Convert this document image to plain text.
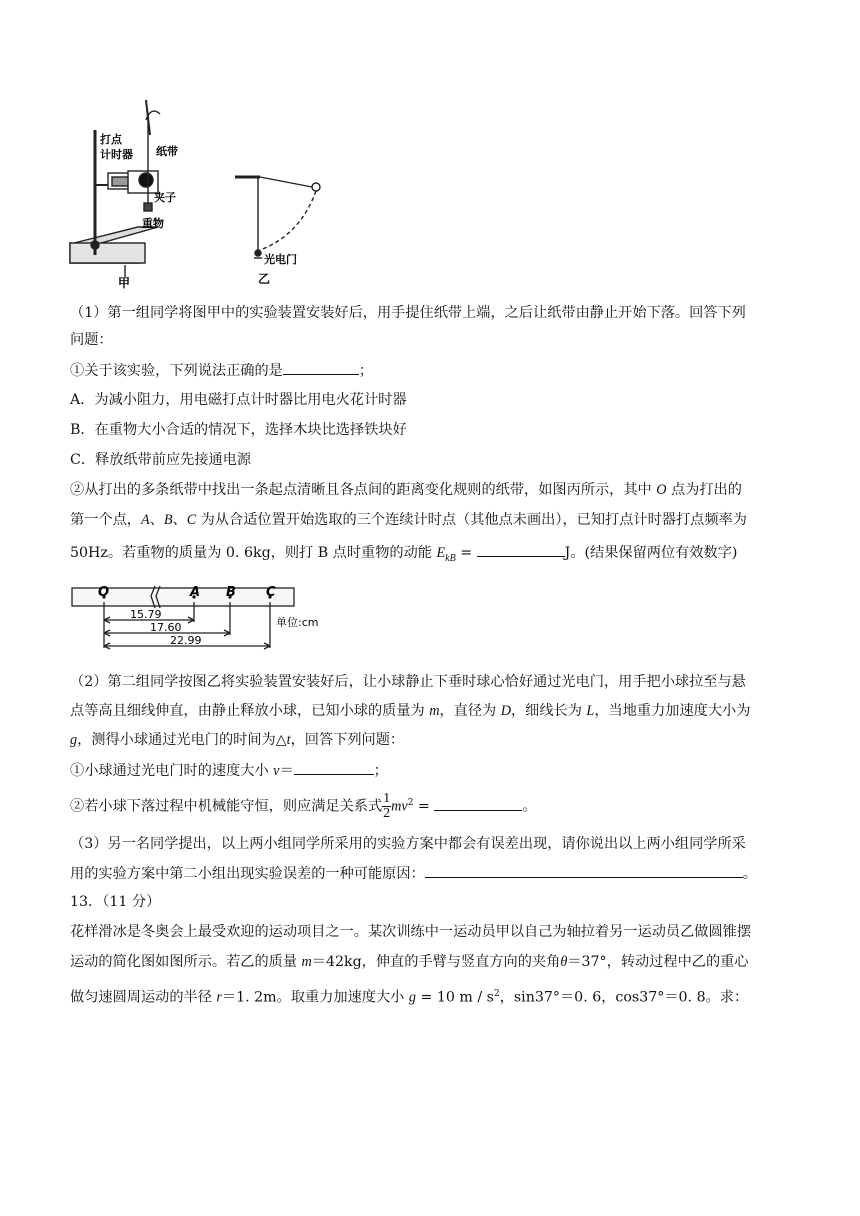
打点
计时器 纸带
夹子
重物
甲
光电门
乙
（1）第一组同学将图甲中的实验装置安装好后，用手提住纸带上端，之后让纸带由静止开始下落。回答下列
问题：
①关于该实验，下列说法正确的是	；
A．为减小阻力，用电磁打点计时器比用电火花计时器
B．在重物大小合适的情况下，选择木块比选择铁块好
C．释放纸带前应先接通电源
②从打出的多条纸带中找出一条起点清晰且各点间的距离变化规则的纸带，如图丙所示，其中 O 点为打出的
第一个点，A、B、C 为从合适位置开始选取的三个连续计时点（其他点未画出），已知打点计时器打点频率为
50Hz。若重物的质量为 0. 6kg，则打 B 点时重物的动能 $E_{kB}$ =	J。(结果保留两位有效数字)
O	A B C
15.79
17.60
22.99
单位:cm
（2）第二组同学按图乙将实验装置安装好后，让小球静止下垂时球心恰好通过光电门，用手把小球拉至与悬
点等高且细线伸直，由静止释放小球，已知小球的质量为 m，直径为 D，细线长为 L，当地重力加速度大小为
g，测得小球通过光电门的时间为△t，回答下列问题：
①小球通过光电门时的速度大小 v＝	；
②若小球下落过程中机械能守恒，则应满足关系式 $\frac{1}{2} mv^2$ =	。
（3）另一名同学提出，以上两小组同学所采用的实验方案中都会有误差出现，请你说出以上两小组同学所采
用的实验方案中第二小组出现实验误差的一种可能原因：	。
13．（11 分）
花样滑冰是冬奥会上最受欢迎的运动项目之一。某次训练中一运动员甲以自己为轴拉着另一运动员乙做圆锥摆
运动的简化图如图所示。若乙的质量 m＝42kg，伸直的手臂与竖直方向的夹角θ＝37°，转动过程中乙的重心
做匀速圆周运动的半径 r＝1. 2m。取重力加速度大小 g = 10 m / $s^2$，sin37°＝0. 6，cos37°＝0. 8。求：
